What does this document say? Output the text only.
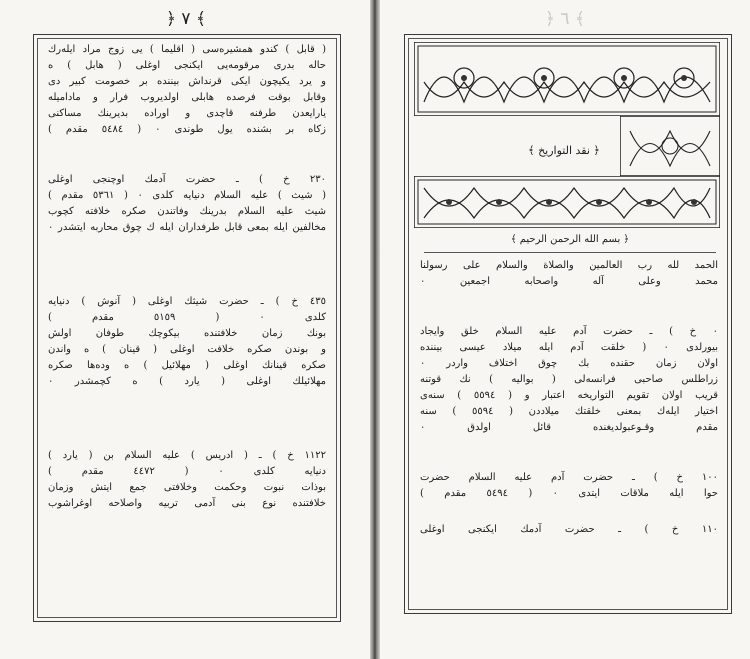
﴿ ٧ ﴾
( قابل ) کندو همشیره‌سی ( اقلیما ) یی زوج مراد ایله‌رك
حاله بدری مرقومه‌یی ایکنجی اوغلی ( هابل ) ه
و یرد یکیچون ایکی قرنداش بیننده بر خصومت کبیر دی
وقابل بوقت فرصده هابلی اولدیروب فرار و مادامیله
یارایعدن طرفنه قاچدی و اوراده بدیرینك مساکنی
زکاه بر بشنده یول طوندی ۰ ( ٥٤٨٤ مقدم )
٢٣٠ خ ) ـ حضرت آدمك اوچنجی اوغلی
( شیث ) علیه السلام دنیایه کلدی ۰ ( ٥٣٦١ مقدم )
شیث علیه السلام بدرینك وفاتندن صکره خلافته کچوب
مخالفین ایله بمعی قابل طرفداران ایله ‌ك چوق محاربه ایتشدر ۰
٤٣٥ خ ) ـ حضرت شیثك اوغلی ( آنوش ) دنیایه
کلدی ۰ ( ٥١٥٩ مقدم )
بونك زمان خلافتنده بیکوچك طوفان اولش
و بوندن صکره خلافت اوغلی ( قینان ) ه واندن
صکره قینانك اوغلی ( مهلائیل ) ه وده‌ها صکره
مهلائیلك اوغلی ( یارد ) ه کچمشدر ۰
١١٢٢ خ ) ـ ( ادریس ) علیه السلام بن ( یارد )
دنیایه کلدی ۰ ( ٤٤٧٢ مقدم )
بوذات نبوت وحکمت وخلافتی جمع ایتش وزمان
خلافتنده نوع بنی آدمی تربیه واصلاحه اوغراشوب
﴿ ٦ ﴾
﴿ نقد التواریخ ﴾
﴿ بسم الله الرحمن الرحیم ﴾
الحمد لله رب العالمین والصلاة والسلام علی رسولنا
محمد وعلی آله واصحابه اجمعین ۰
٠ خ ) ـ حضرت آدم علیه السلام خلق وایجاد
بیورلدی ۰ ( خلقت آدم ایله میلاد عیسی بیننده
اولان زمان حقنده بك چوق اختلاف واردر ۰
زراطلس صاحبی فرانسه‌لی ( بوالیه ) نك قوتنه
قریب اولان تقویم التواریخه اعتبار و ( ٥٥٩٤ ) سنه‌ی
اختیار ایله‌ك بمعنی خلقتك میلاددن ( ٥٥٩٤ ) سنه
مقدم وقـوعبولدیغنده قائل اولدق ۰
١٠٠ خ ) ـ حضرت آدم علیه السلام حضرت
حوا ایله ملاقات ایتدی ۰ ( ٥٤٩٤ مقدم )
١١٠ خ ) ـ حضرت آدمك ایکنجی اوغلی
